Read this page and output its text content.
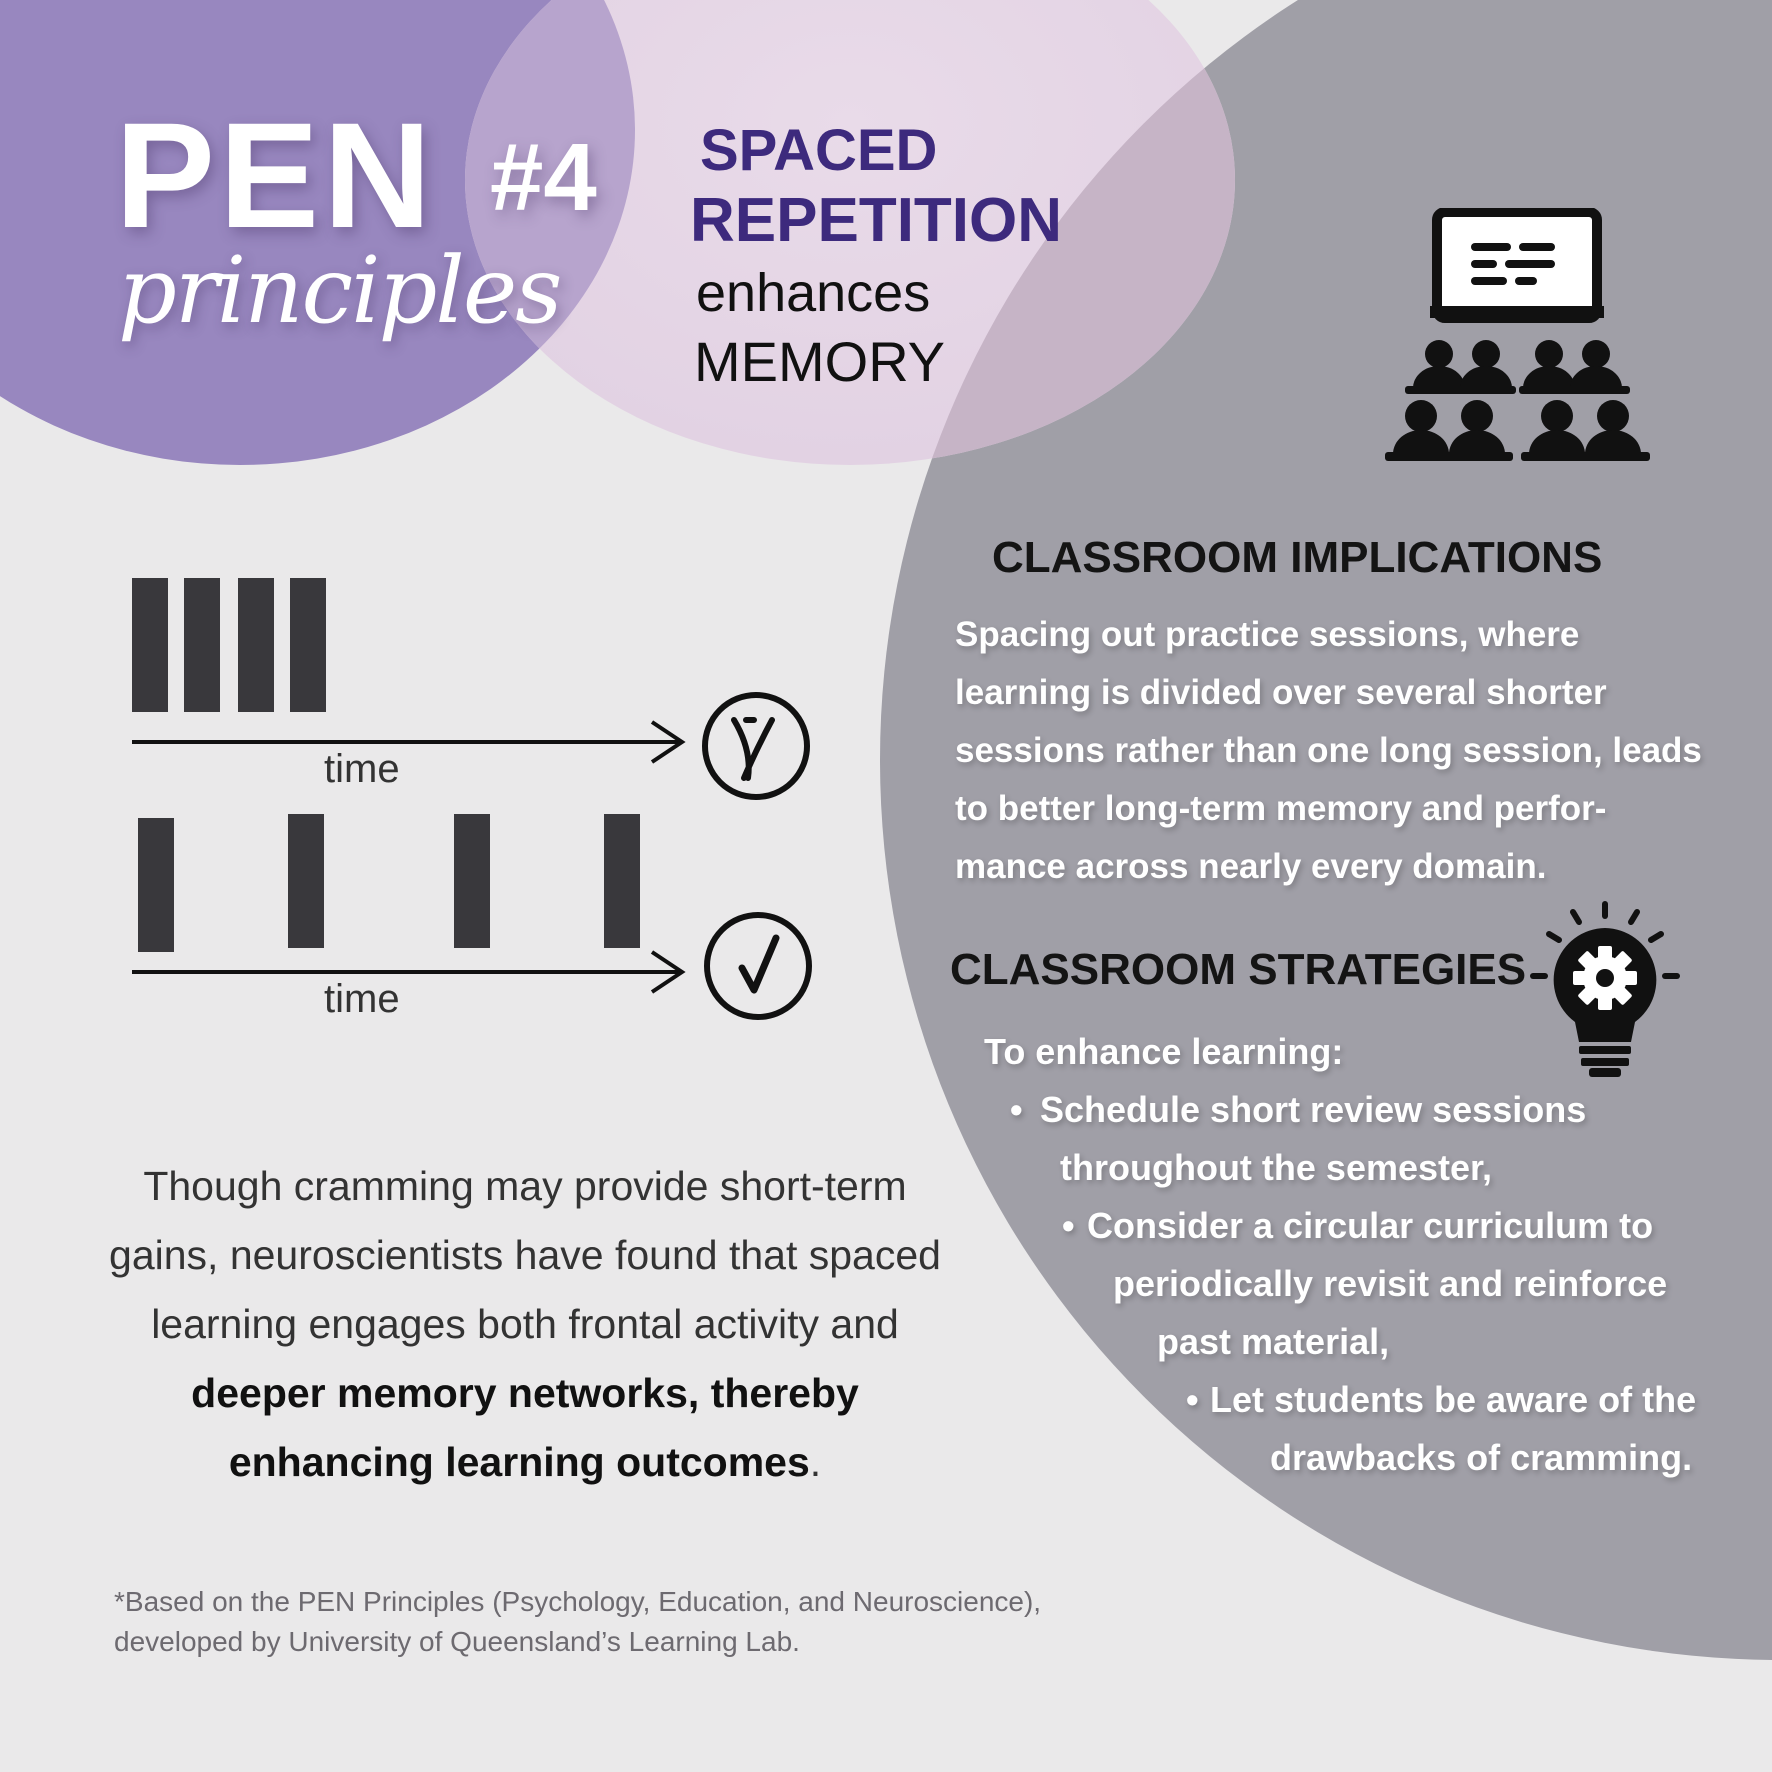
PEN
principles
#4 SPACED
REPETITION
enhances
MEMORY
CLASSROOM IMPLICATIONS
Spacing out practice sessions, where learning is divided over several shorter sessions rather than one long session, leads to better long-term memory and perfor-mance across nearly every domain.
CLASSROOM STRATEGIES
To enhance learning:
• Schedule short review sessions
throughout the semester,
• Consider a circular curriculum to
periodically revisit and reinforce
past material,
• Let students be aware of the
drawbacks of cramming.
time
time
Though cramming may provide short-term
gains, neuroscientists have found that spaced
learning engages both frontal activity and
deeper memory networks, thereby
enhancing learning outcomes.
*Based on the PEN Principles (Psychology, Education, and Neuroscience),
developed by University of Queensland’s Learning Lab.
